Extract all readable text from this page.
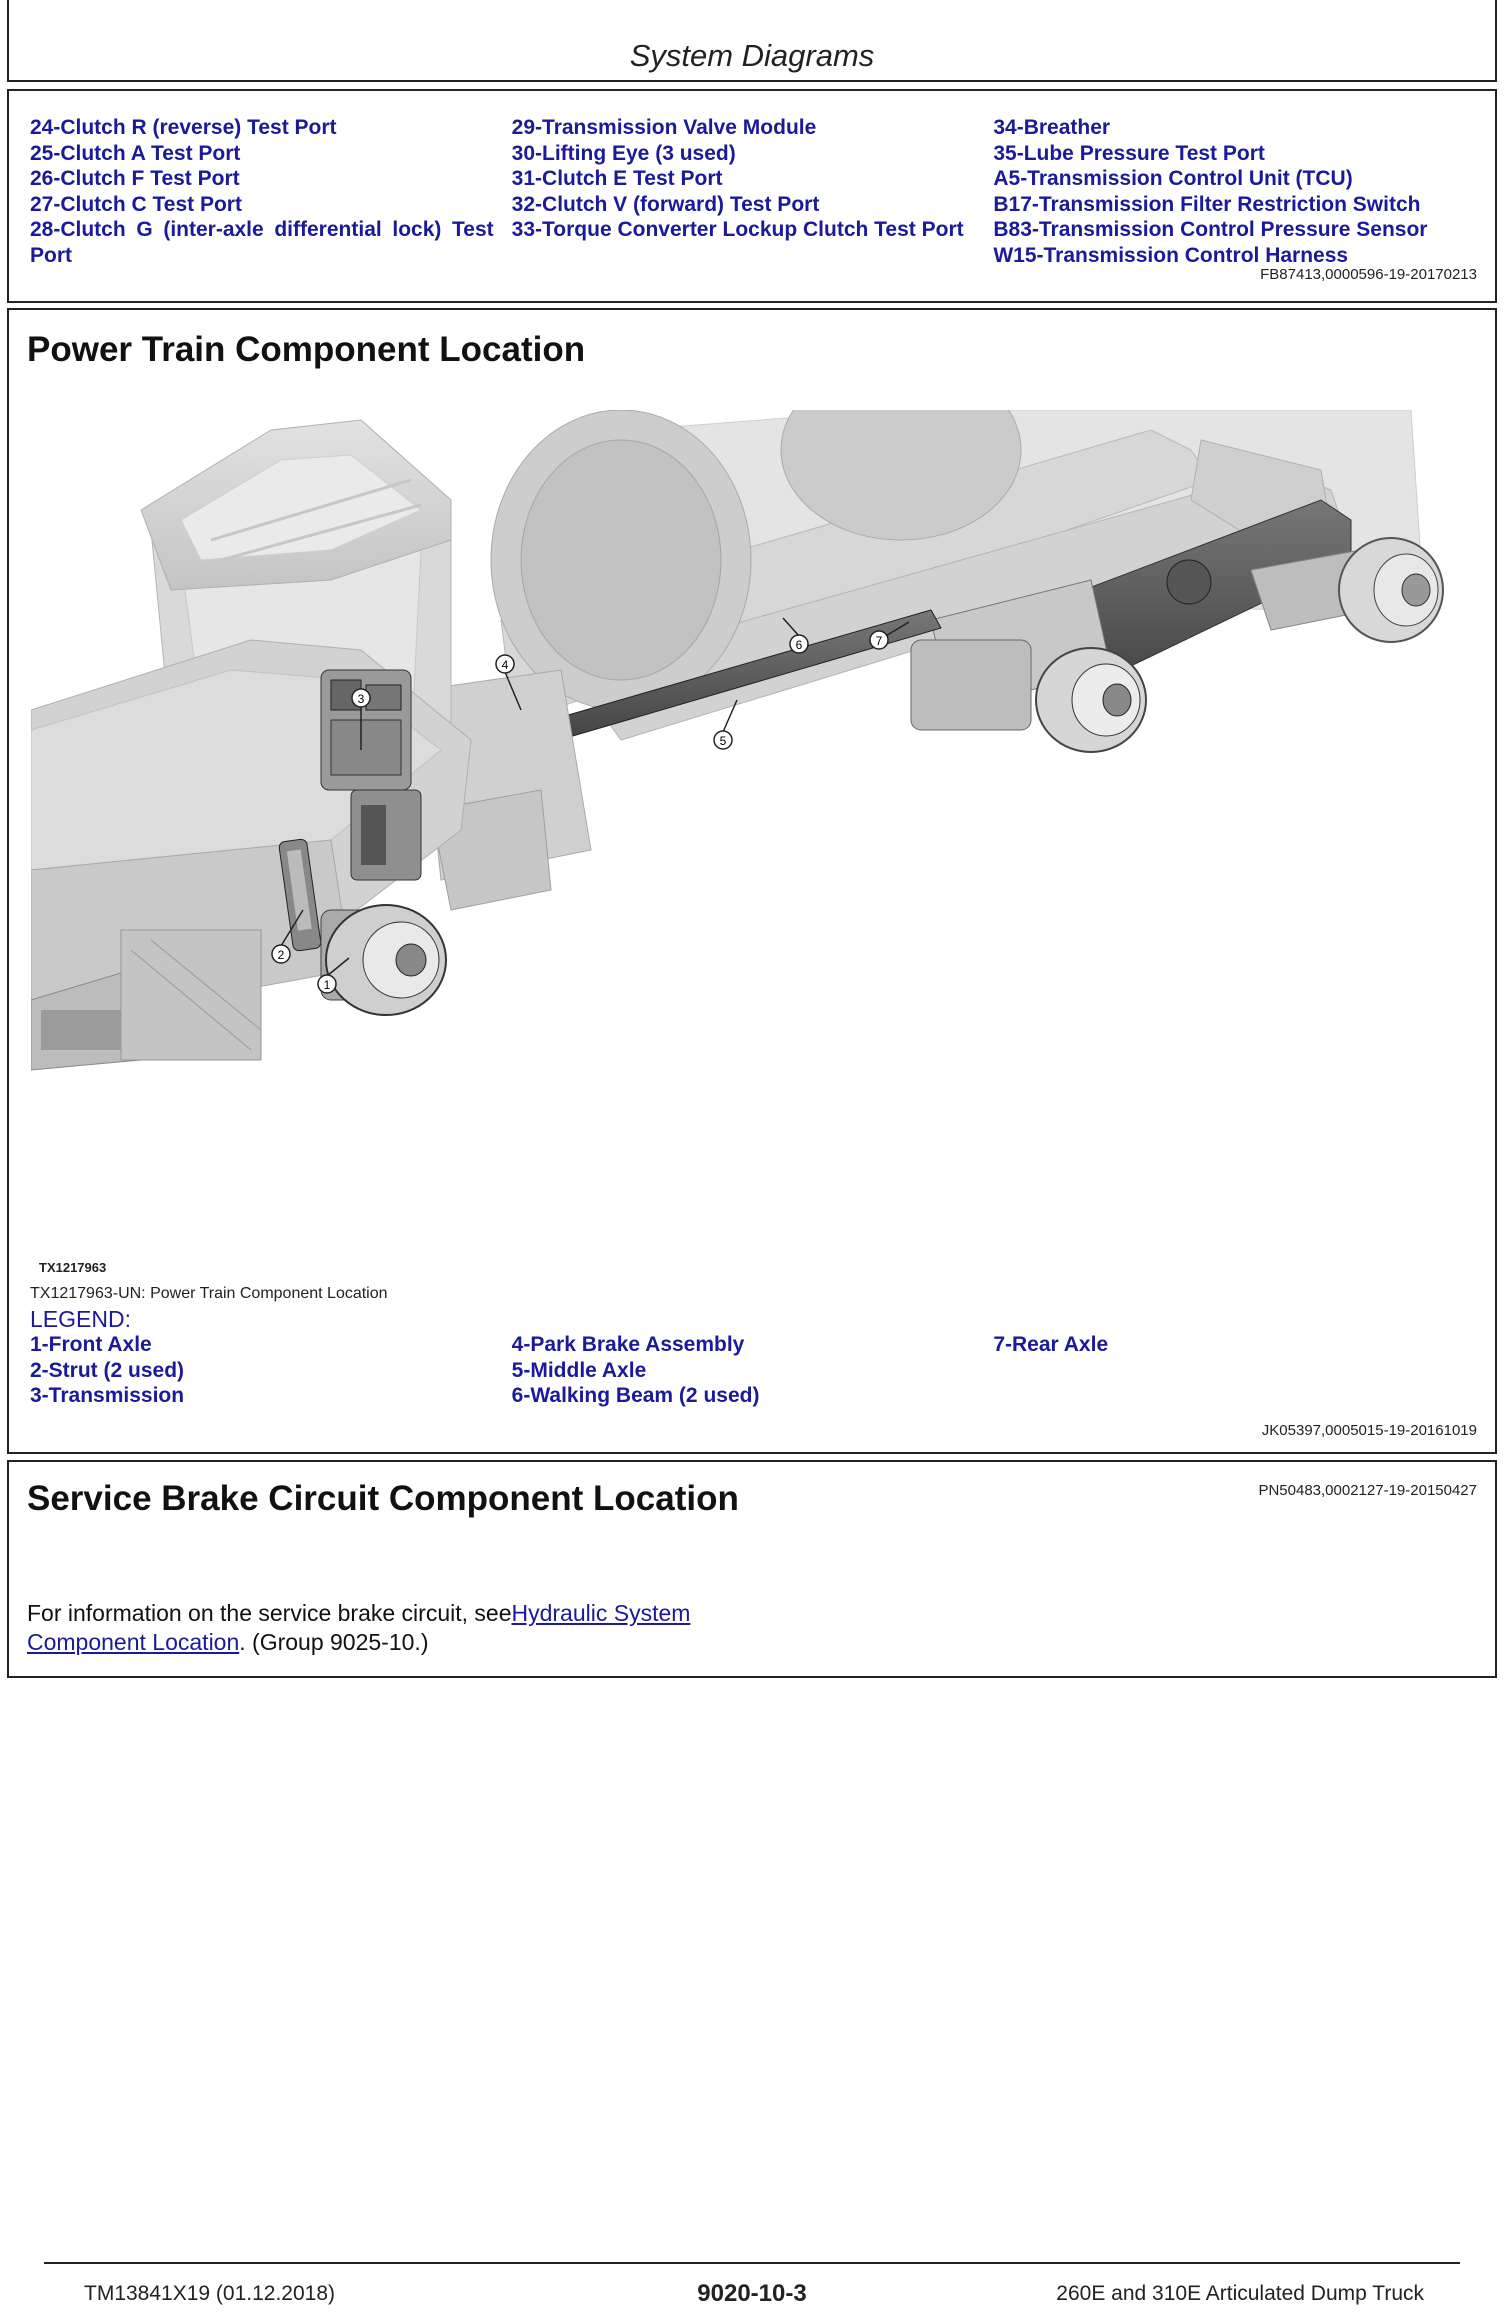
System Diagrams
24-Clutch R (reverse) Test Port
25-Clutch A Test Port
26-Clutch F Test Port
27-Clutch C Test Port
28-Clutch G (inter-axle differential lock) Test Port
29-Transmission Valve Module
30-Lifting Eye (3 used)
31-Clutch E Test Port
32-Clutch V (forward) Test Port
33-Torque Converter Lockup Clutch Test Port
34-Breather
35-Lube Pressure Test Port
A5-Transmission Control Unit (TCU)
B17-Transmission Filter Restriction Switch
B83-Transmission Control Pressure Sensor
W15-Transmission Control Harness
FB87413,0000596-19-20170213
Power Train Component Location
1
2
3
4
5
6	7
TX1217963
TX1217963-UN: Power Train Component Location
LEGEND:
1-Front Axle
2-Strut (2 used)
3-Transmission
4-Park Brake Assembly
5-Middle Axle
6-Walking Beam (2 used)
7-Rear Axle
JK05397,0005015-19-20161019
Service Brake Circuit Component Location	PN50483,0002127-19-20150427
For information on the service brake circuit, seeHydraulic System Component Location. (Group 9025-10.)
TM13841X19 (01.12.2018)	9020-10-3	260E and 310E Articulated Dump Truck
